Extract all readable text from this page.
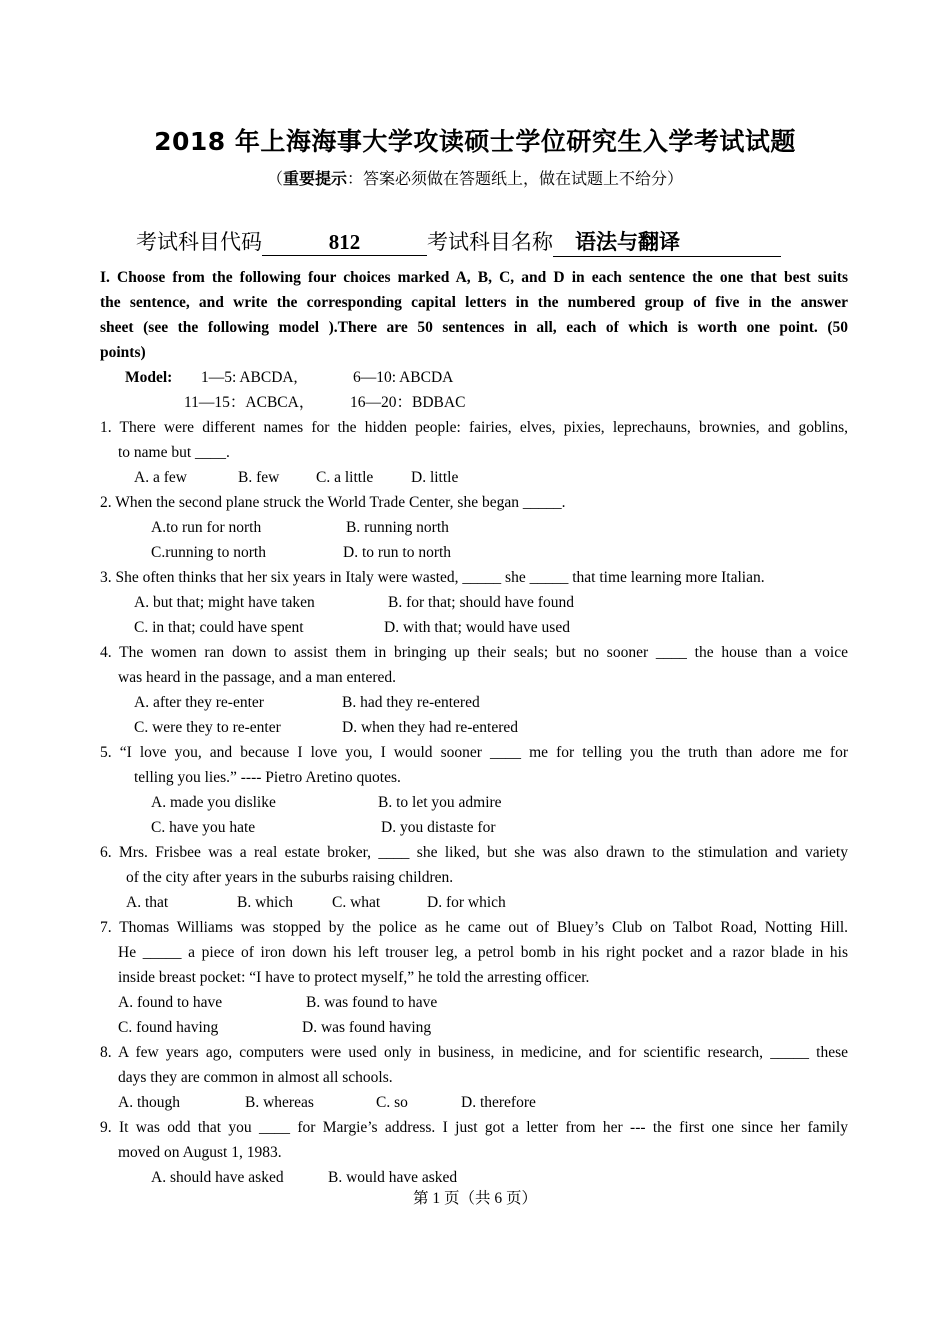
2018 年上海海事大学攻读硕士学位研究生入学考试试题
（重要提示：答案必须做在答题纸上，做在试题上不给分）
考试科目代码	812	考试科目名称	语法与翻译
I. Choose from the following four choices marked A, B, C, and D in each sentence the one that best suits
the sentence, and write the corresponding capital letters in the numbered group of five in the answer
sheet (see the following model ).There are 50 sentences in all, each of which is worth one point. (50
points)
Model: 1—5: ABCDA,	6—10: ABCDA
11—15：ACBCA， 16—20：BDBAC
1. There were different names for the hidden people: fairies, elves, pixies, leprechauns, brownies, and goblins,
to name but ____.
A. a few	B. few C. a little D. little
2. When the second plane struck the World Trade Center, she began _____.
A.to run for north	B. running north
C.running to north	D. to run to north
3. She often thinks that her six years in Italy were wasted, _____ she _____ that time learning more Italian.
A. but that; might have taken	B. for that; should have found
C. in that; could have spent	D. with that; would have used
4. The women ran down to assist them in bringing up their seals; but no sooner ____ the house than a voice
was heard in the passage, and a man entered.
A. after they re-enter	B. had they re-entered
C. were they to re-enter	D. when they had re-entered
5. “I love you, and because I love you, I would sooner ____ me for telling you the truth than adore me for
telling you lies.” ---- Pietro Aretino quotes.
A. made you dislike	B. to let you admire
C. have you hate	D. you distaste for
6. Mrs. Frisbee was a real estate broker, ____ she liked, but she was also drawn to the stimulation and variety
of the city after years in the suburbs raising children.
A. that	B. which	C. what	D. for which
7. Thomas Williams was stopped by the police as he came out of Bluey’s Club on Talbot Road, Notting Hill.
He _____ a piece of iron down his left trouser leg, a petrol bomb in his right pocket and a razor blade in his
inside breast pocket: “I have to protect myself,” he told the arresting officer.
A. found to have	B. was found to have
C. found having	D. was found having
8. A few years ago, computers were used only in business, in medicine, and for scientific research, _____ these
days they are common in almost all schools.
A. though	B. whereas	C. so	D. therefore
9. It was odd that you ____ for Margie’s address. I just got a letter from her --- the first one since her family
moved on August 1, 1983.
A. should have asked	B. would have asked
第 1 页（共 6 页）
